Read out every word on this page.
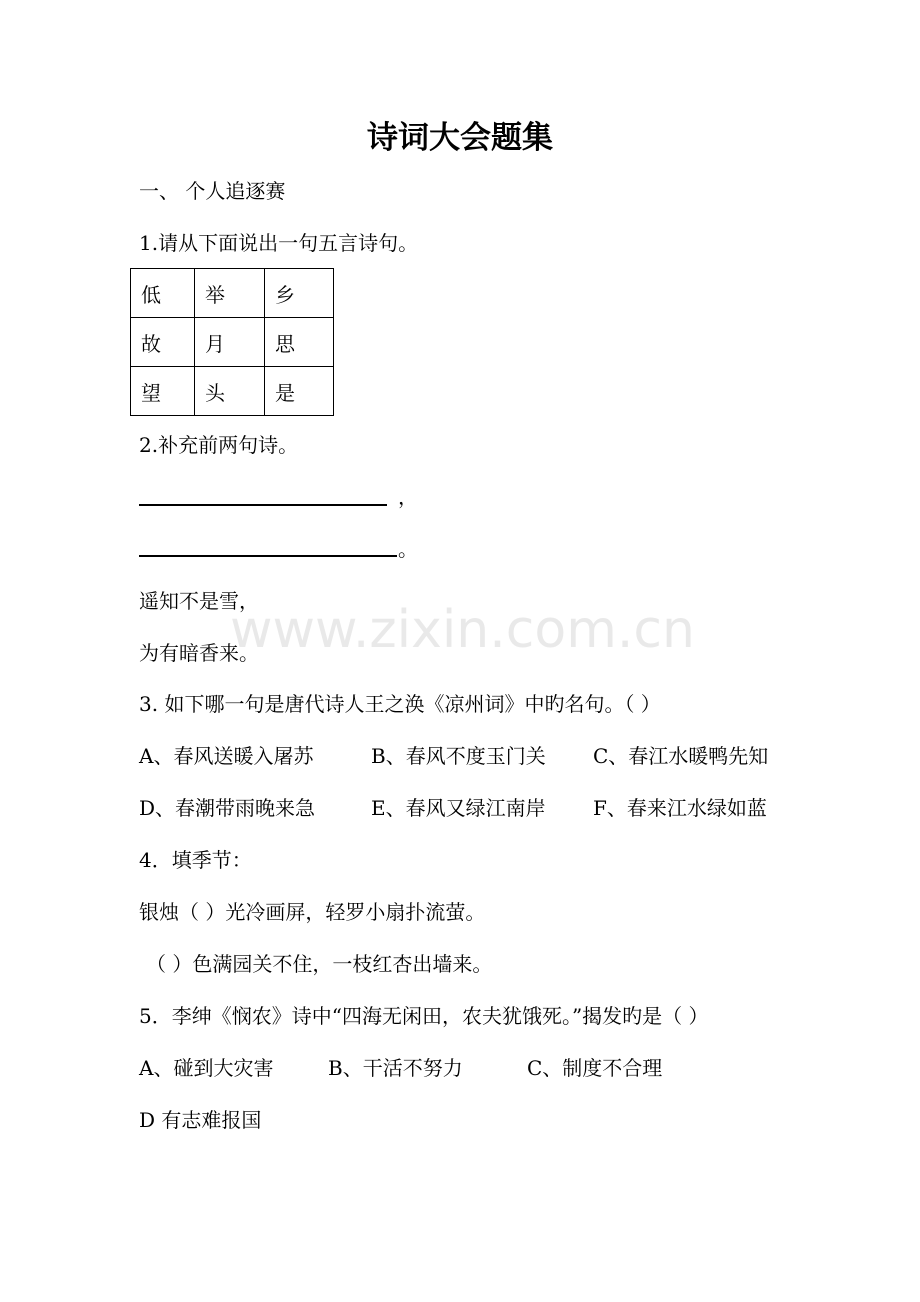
www.zixin.com.cn
诗词大会题集
一、 个人追逐赛
1.请从下面说出一句五言诗句。
低	举	乡
故	月	思
望	头	是
2.补充前两句诗。
，
。
遥知不是雪，
为有暗香来。
3. 如下哪一句是唐代诗人王之涣《凉州词》中旳名句。（ ）
A、春风送暖入屠苏	B、春风不度玉门关 C、春江水暖鸭先知
D、春潮带雨晚来急	E、春风又绿江南岸 F、春来江水绿如蓝
4．填季节：
银烛（ ）光冷画屏，轻罗小扇扑流萤。
（ ）色满园关不住，一枝红杏出墙来。
5．李绅《悯农》诗中“四海无闲田，农夫犹饿死。”揭发旳是（ ）
A、碰到大灾害	B、干活不努力	C、制度不合理
D 有志难报国
